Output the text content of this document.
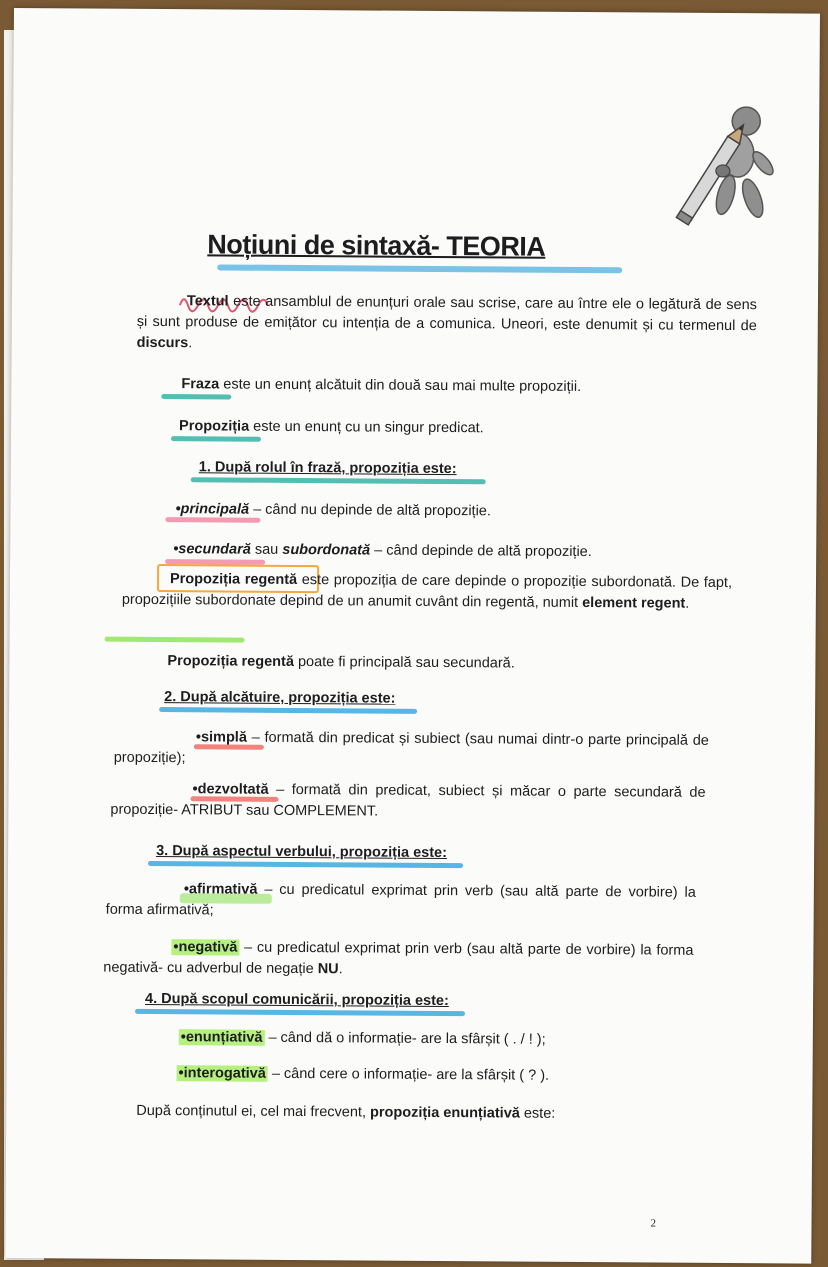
Noțiuni de sintaxă- TEORIA
Textul este ansamblul de enunțuri orale sau scrise, care au între ele o legătură de sens și sunt produse de emițător cu intenția de a comunica. Uneori, este denumit și cu termenul de discurs.
Fraza este un enunț alcătuit din două sau mai multe propoziții.
Propoziția este un enunț cu un singur predicat.
1. După rolul în frază, propoziția este:
•principală – când nu depinde de altă propoziție.
•secundară sau subordonată – când depinde de altă propoziție.
Propoziția regentă este propoziția de care depinde o propoziție subordonată. De fapt, propozițiile subordonate depind de un anumit cuvânt din regentă, numit element regent.
Propoziția regentă poate fi principală sau secundară.
2. După alcătuire, propoziția este:
•simplă – formată din predicat și subiect (sau numai dintr-o parte principală de propoziție);
•dezvoltată – formată din predicat, subiect și măcar o parte secundară de propoziție- ATRIBUT sau COMPLEMENT.
3. După aspectul verbului, propoziția este:
•afirmativă – cu predicatul exprimat prin verb (sau altă parte de vorbire) la forma afirmativă;
•negativă – cu predicatul exprimat prin verb (sau altă parte de vorbire) la forma negativă- cu adverbul de negație NU.
4. După scopul comunicării, propoziția este:
•enunțiativă – când dă o informație- are la sfârșit ( . / ! );
•interogativă – când cere o informație- are la sfârșit ( ? ).
După conținutul ei, cel mai frecvent, propoziția enunțiativă este:
2
